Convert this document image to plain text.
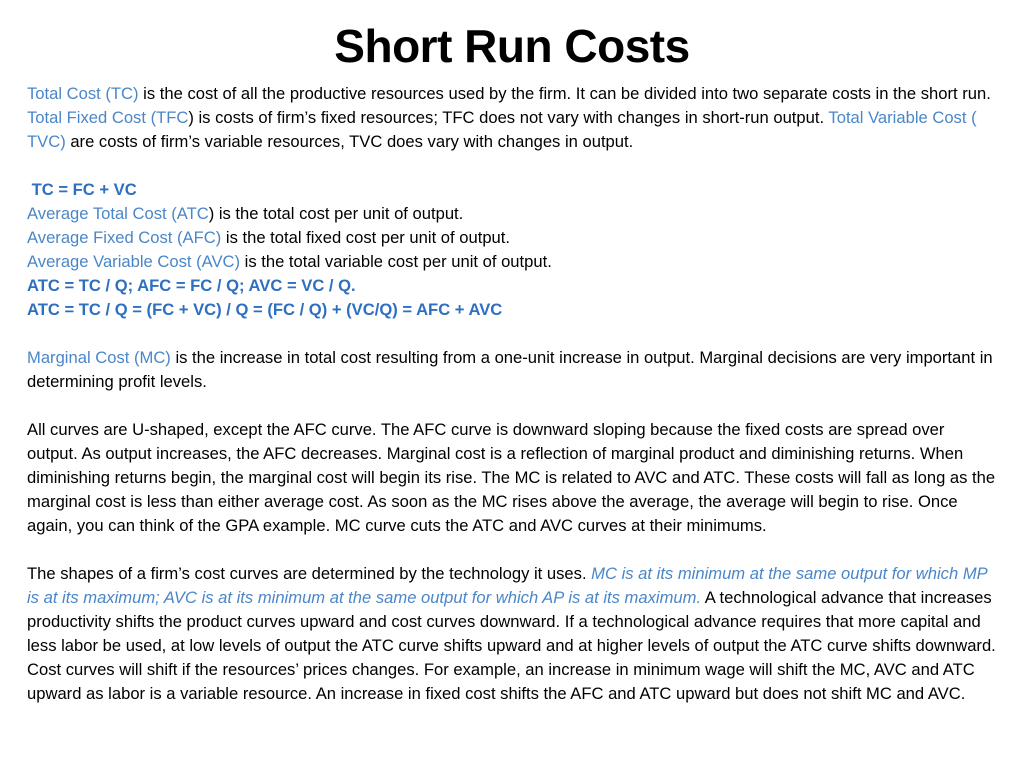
Short Run Costs

Total Cost (TC) is the cost of all the productive resources used by the firm. It can be divided into two separate costs in the short run. Total Fixed Cost (TFC) is costs of firm’s fixed resources; TFC does not vary with changes in short-run output. Total Variable Cost ( TVC) are costs of firm’s variable resources, TVC does vary with changes in output.

TC = FC + VC

Average Total Cost (ATC) is the total cost per unit of output.

Average Fixed Cost (AFC) is the total fixed cost per unit of output.

Average Variable Cost (AVC) is the total variable cost per unit of output.

ATC = TC / Q; AFC = FC / Q; AVC = VC / Q.

ATC = TC / Q = (FC + VC) / Q = (FC / Q) + (VC/Q) = AFC + AVC

Marginal Cost (MC) is the increase in total cost resulting from a one-unit increase in output. Marginal decisions are very important in determining profit levels.

All curves are U-shaped, except the AFC curve. The AFC curve is downward sloping because the fixed costs are spread over output. As output increases, the AFC decreases. Marginal cost is a reflection of marginal product and diminishing returns. When diminishing returns begin, the marginal cost will begin its rise. The MC is related to AVC and ATC. These costs will fall as long as the marginal cost is less than either average cost. As soon as the MC rises above the average, the average will begin to rise. Once again, you can think of the GPA example. MC curve cuts the ATC and AVC curves at their minimums.

The shapes of a firm’s cost curves are determined by the technology it uses. MC is at its minimum at the same output for which MP is at its maximum; AVC is at its minimum at the same output for which AP is at its maximum. A technological advance that increases productivity shifts the product curves upward and cost curves downward. If a technological advance requires that more capital and less labor be used, at low levels of output the ATC curve shifts upward and at higher levels of output the ATC curve shifts downward. Cost curves will shift if the resources’ prices changes. For example, an increase in minimum wage will shift the MC, AVC and ATC upward as labor is a variable resource. An increase in fixed cost shifts the AFC and ATC upward but does not shift MC and AVC.
